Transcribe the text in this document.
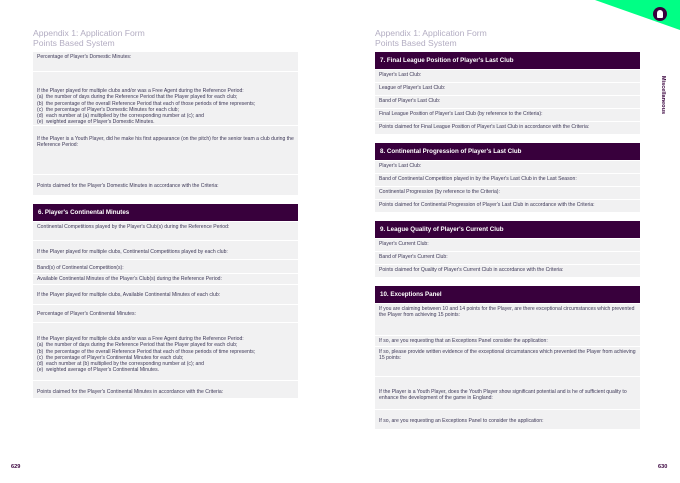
Appendix 1: Application Form
Points Based System
Percentage of Player's Domestic Minutes:
If the Player played for multiple clubs and/or was a Free Agent during the Reference Period:
(a) the number of days during the Reference Period that the Player played for each club;
(b) the percentage of the overall Reference Period that each of those periods of time represents;
(c) the percentage of Player's Domestic Minutes for each club;
(d) each number at (a) multiplied by the corresponding number at (c); and
(e) weighted average of Player's Domestic Minutes.
If the Player is a Youth Player, did he make his first appearance (on the pitch) for the senior team a club during the Reference Period:
Points claimed for the Player's Domestic Minutes in accordance with the Criteria:
6. Player's Continental Minutes
Continental Competitions played by the Player's Club(s) during the Reference Period:
If the Player played for multiple clubs, Continental Competitions played by each club:
Band(s) of Continental Competition(s):
Available Continental Minutes of the Player's Club(s) during the Reference Period:
If the Player played for multiple clubs, Available Continental Minutes of each club:
Percentage of Player's Continental Minutes:
If the Player played for multiple clubs and/or was a Free Agent during the Reference Period:
(a) the number of days during the Reference Period that the Player played for each club;
(b) the percentage of the overall Reference Period that each of those periods of time represents;
(c) the percentage of Player's Continental Minutes for each club;
(d) each number at (b) multiplied by the corresponding number at (c); and
(e) weighted average of Player's Continental Minutes.
Points claimed for the Player's Continental Minutes in accordance with the Criteria:
629
Appendix 1: Application Form
Points Based System
7. Final League Position of Player's Last Club
Player's Last Club:
League of Player's Last Club:
Band of Player's Last Club:
Final League Position of Player's Last Club (by reference to the Criteria):
Points claimed for Final League Position of Player's Last Club in accordance with the Criteria:
8. Continental Progression of Player's Last Club
Player's Last Club:
Band of Continental Competition played in by the Player's Last Club in the Last Season:
Continental Progression (by reference to the Criteria):
Points claimed for Continental Progression of Player's Last Club in accordance with the Criteria:
9. League Quality of Player's Current Club
Player's Current Club:
Band of Player's Current Club:
Points claimed for Quality of Player's Current Club in accordance with the Criteria:
10. Exceptions Panel
If you are claiming between 10 and 14 points for the Player, are there exceptional circumstances which prevented the Player from achieving 15 points:
If so, are you requesting that an Exceptions Panel consider the application:
If so, please provide written evidence of the exceptional circumstances which prevented the Player from achieving 15 points:
If the Player is a Youth Player, does the Youth Player show significant potential and is he of sufficient quality to enhance the development of the game in England:
If so, are you requesting an Exceptions Panel to consider the application:
Miscellaneous
630
